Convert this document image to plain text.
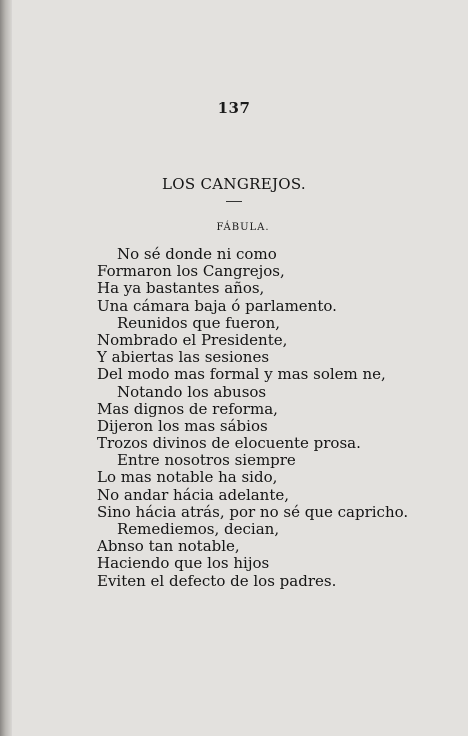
137
LOS CANGREJOS.
FÁBULA.
No sé donde ni como
Formaron los Cangrejos,
Ha ya bastantes años,
Una cámara baja ó parlamento.
Reunidos que fueron,
Nombrado el Presidente,
Y abiertas las sesiones
Del modo mas formal y mas solem ne,
Notando los abusos
Mas dignos de reforma,
Dijeron los mas sábios
Trozos divinos de elocuente prosa.
Entre nosotros siempre
Lo mas notable ha sido,
No andar hácia adelante,
Sino hácia atrás, por no sé que capricho.
Remediemos, decian,
Abnso tan notable,
Haciendo que los hijos
Eviten el defecto de los padres.
